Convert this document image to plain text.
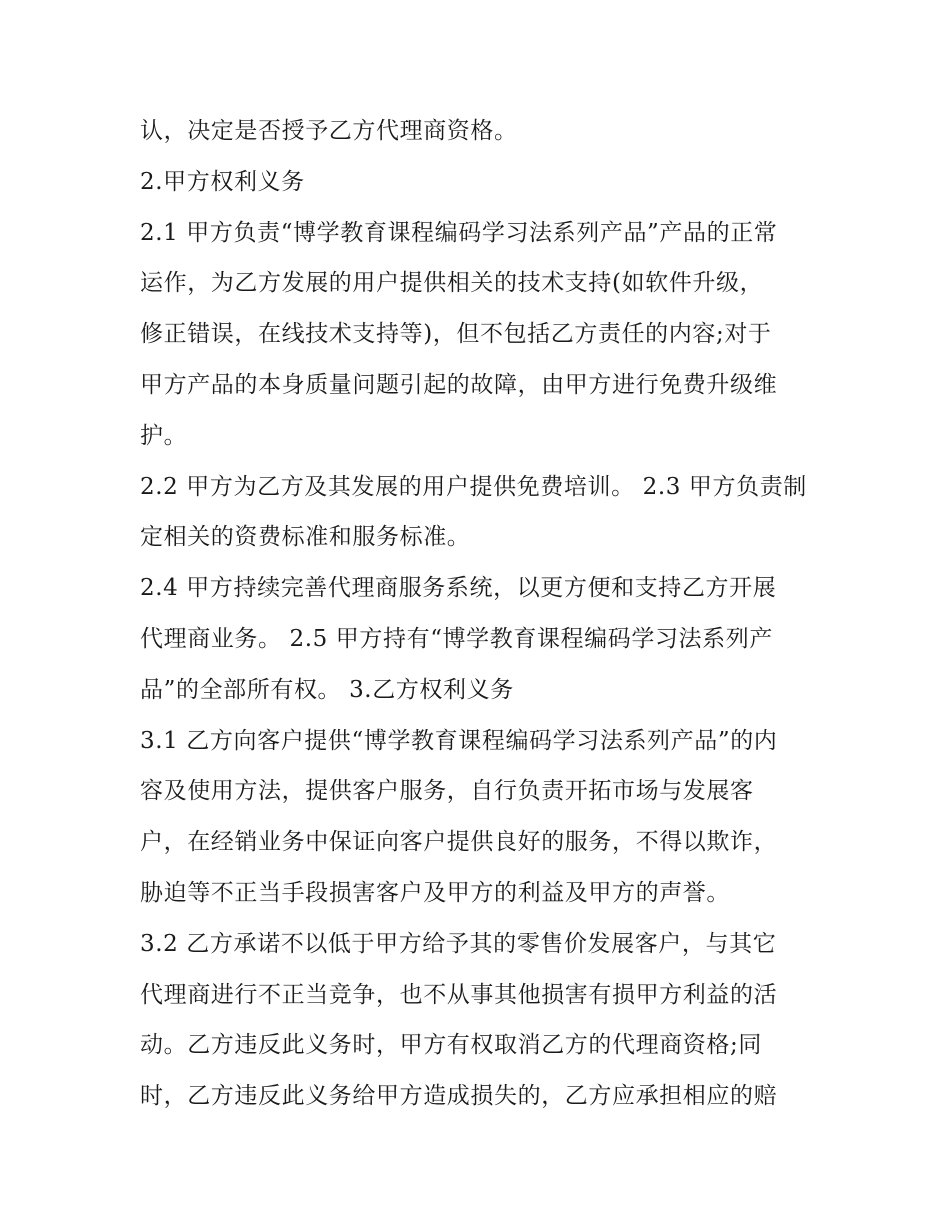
认，决定是否授予乙方代理商资格。
2.甲方权利义务
2.1 甲方负责“博学教育课程编码学习法系列产品”产品的正常
运作，为乙方发展的用户提供相关的技术支持(如软件升级，
修正错误，在线技术支持等)，但不包括乙方责任的内容;对于
甲方产品的本身质量问题引起的故障，由甲方进行免费升级维
护。
2.2 甲方为乙方及其发展的用户提供免费培训。 2.3 甲方负责制
定相关的资费标准和服务标准。
2.4 甲方持续完善代理商服务系统，以更方便和支持乙方开展
代理商业务。 2.5 甲方持有“博学教育课程编码学习法系列产
品”的全部所有权。 3.乙方权利义务
3.1 乙方向客户提供“博学教育课程编码学习法系列产品”的内
容及使用方法，提供客户服务，自行负责开拓市场与发展客
户，在经销业务中保证向客户提供良好的服务，不得以欺诈，
胁迫等不正当手段损害客户及甲方的利益及甲方的声誉。
3.2 乙方承诺不以低于甲方给予其的零售价发展客户，与其它
代理商进行不正当竞争，也不从事其他损害有损甲方利益的活
动。乙方违反此义务时，甲方有权取消乙方的代理商资格;同
时，乙方违反此义务给甲方造成损失的，乙方应承担相应的赔
